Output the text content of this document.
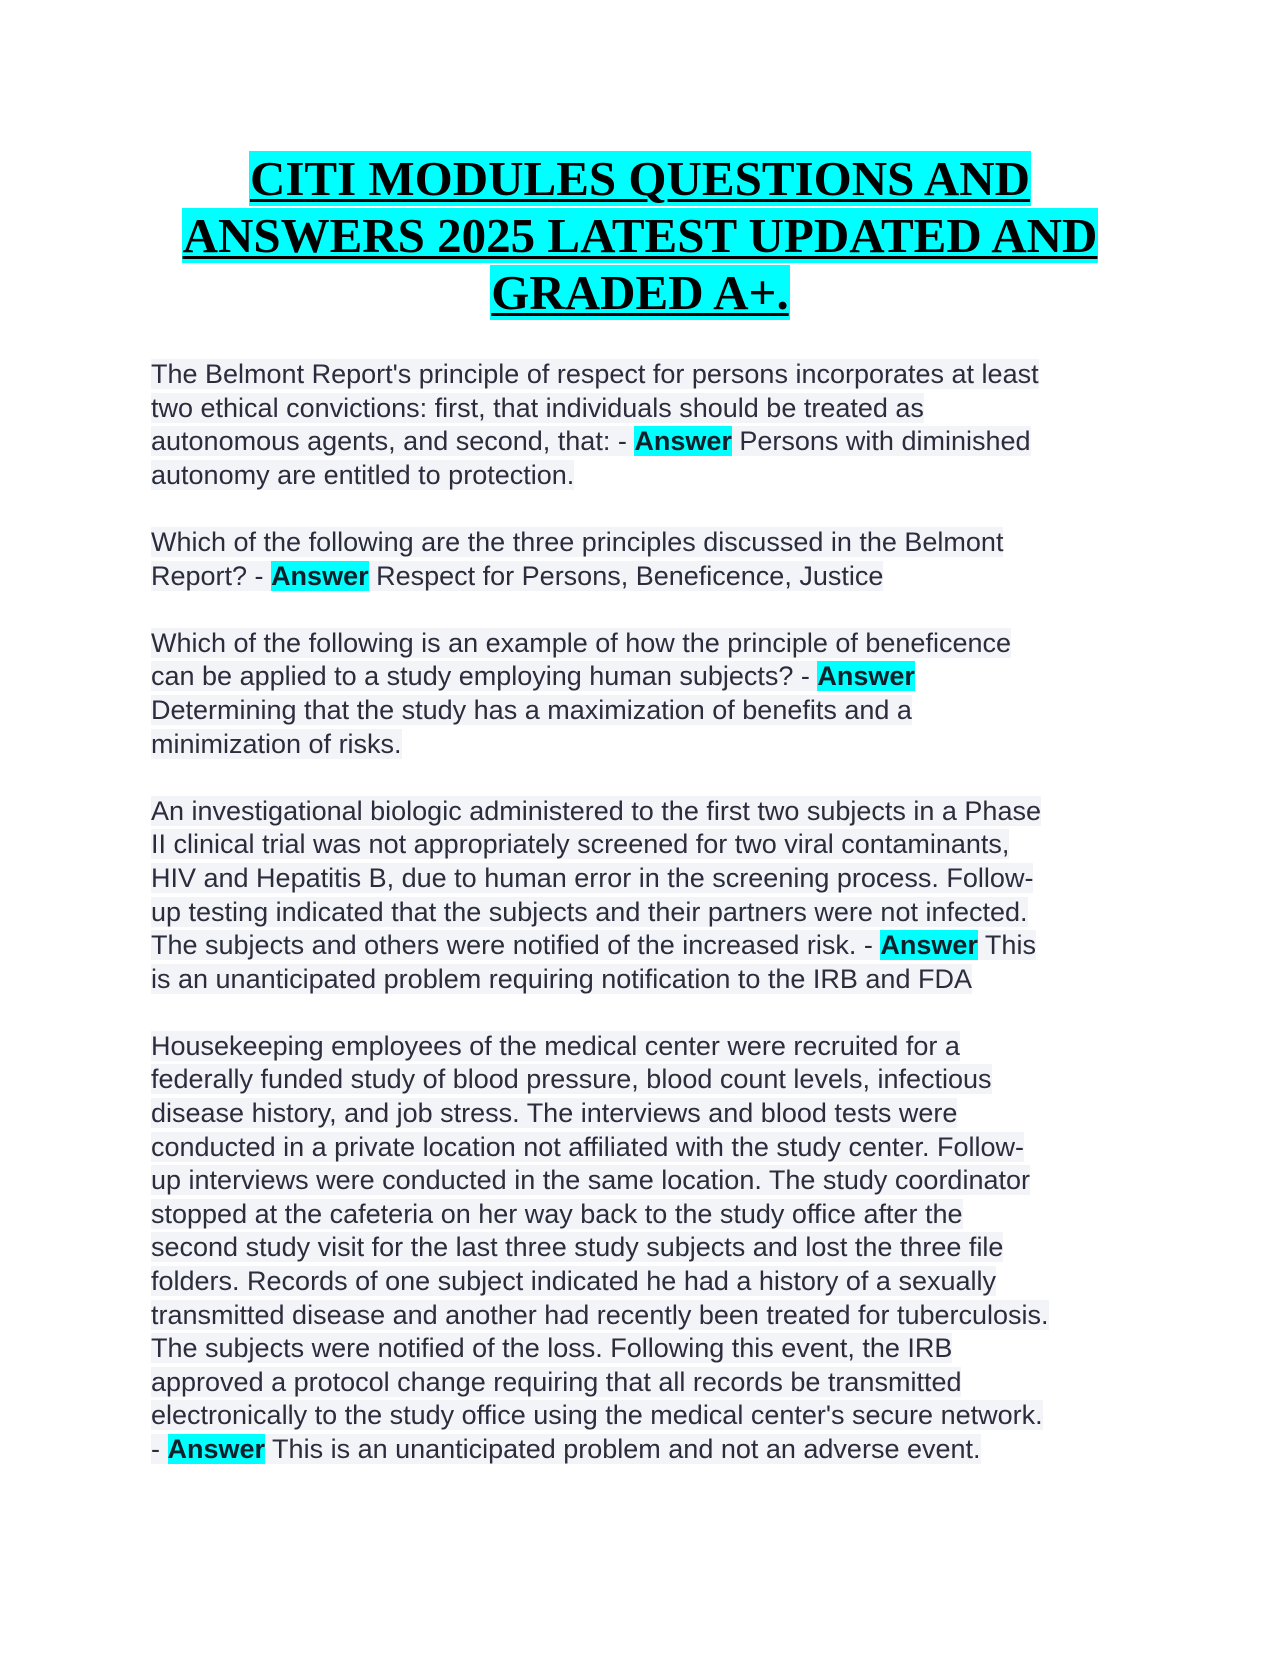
CITI MODULES QUESTIONS AND
ANSWERS 2025 LATEST UPDATED AND
GRADED A+.
The Belmont Report's principle of respect for persons incorporates at least
two ethical convictions: first, that individuals should be treated as
autonomous agents, and second, that: - Answer Persons with diminished
autonomy are entitled to protection.
Which of the following are the three principles discussed in the Belmont
Report? - Answer Respect for Persons, Beneficence, Justice
Which of the following is an example of how the principle of beneficence
can be applied to a study employing human subjects? - Answer
Determining that the study has a maximization of benefits and a
minimization of risks.
An investigational biologic administered to the first two subjects in a Phase
II clinical trial was not appropriately screened for two viral contaminants,
HIV and Hepatitis B, due to human error in the screening process. Follow-
up testing indicated that the subjects and their partners were not infected.
The subjects and others were notified of the increased risk. - Answer This
is an unanticipated problem requiring notification to the IRB and FDA
Housekeeping employees of the medical center were recruited for a
federally funded study of blood pressure, blood count levels, infectious
disease history, and job stress. The interviews and blood tests were
conducted in a private location not affiliated with the study center. Follow-
up interviews were conducted in the same location. The study coordinator
stopped at the cafeteria on her way back to the study office after the
second study visit for the last three study subjects and lost the three file
folders. Records of one subject indicated he had a history of a sexually
transmitted disease and another had recently been treated for tuberculosis.
The subjects were notified of the loss. Following this event, the IRB
approved a protocol change requiring that all records be transmitted
electronically to the study office using the medical center's secure network.
- Answer This is an unanticipated problem and not an adverse event.
